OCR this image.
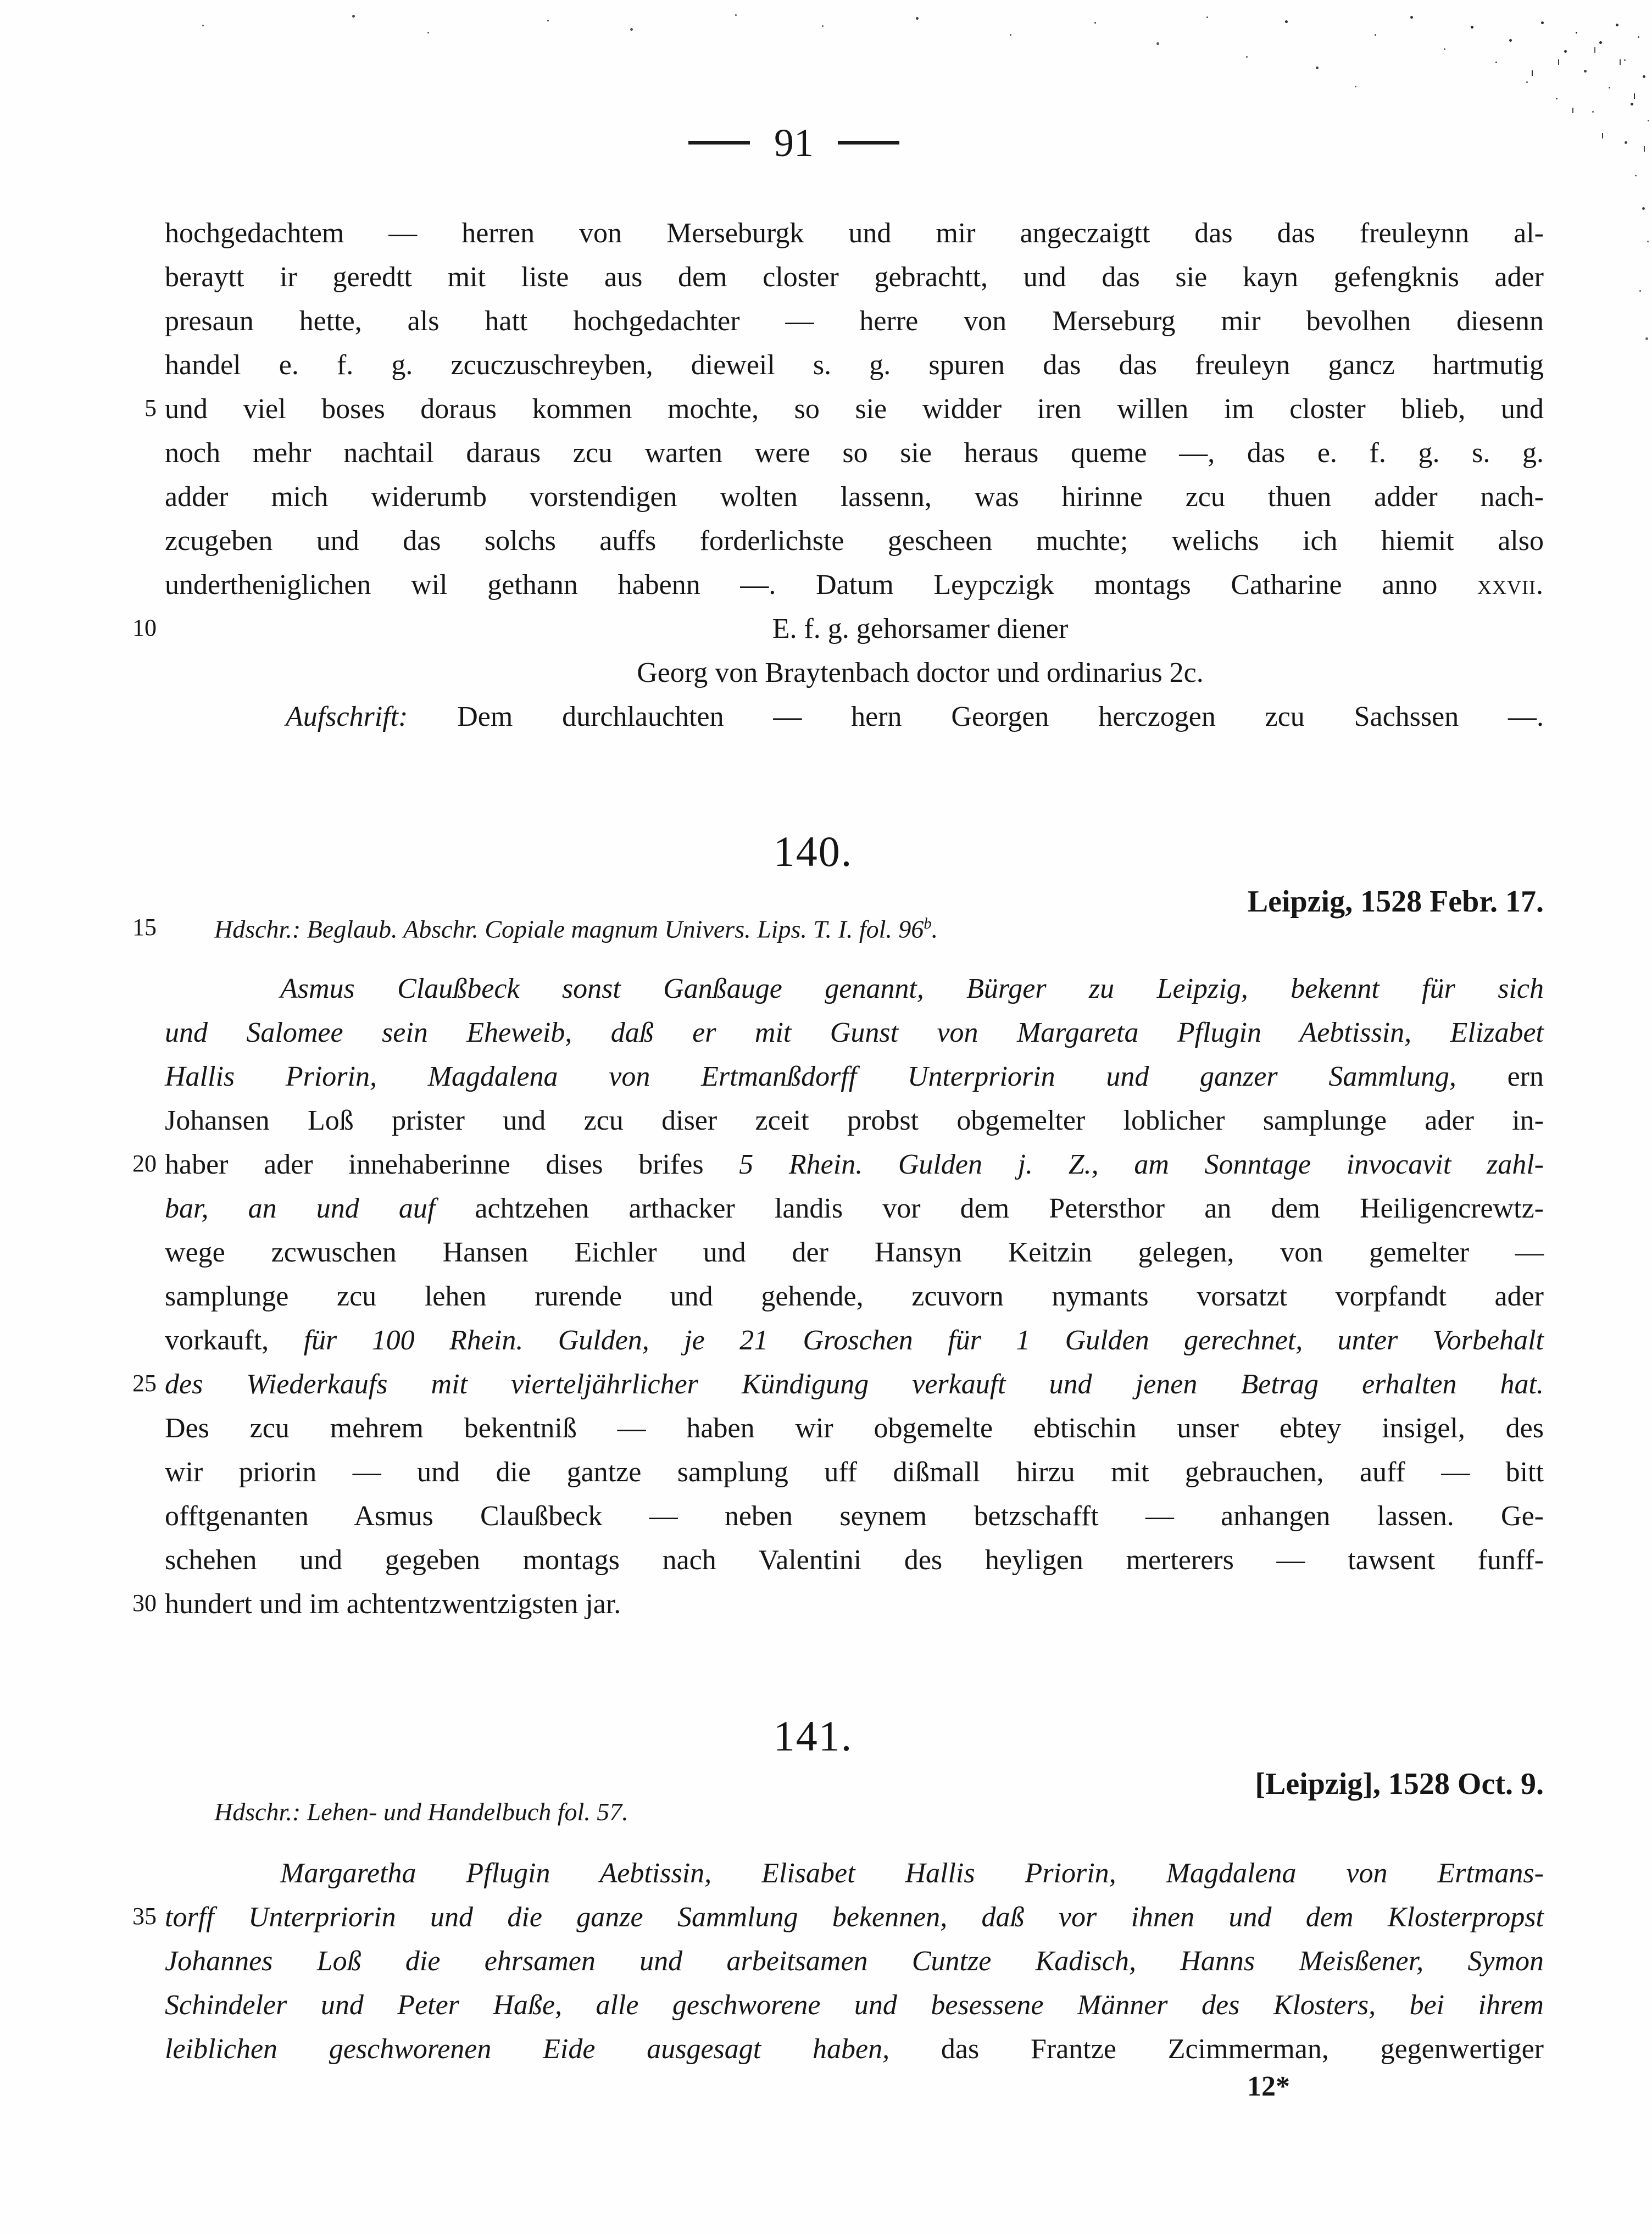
91
5
10
15
20
25
30
35
hochgedachtem — herren von Merseburgk und mir angeczaigtt das das freuleynn al-
beraytt ir geredtt mit liste aus dem closter gebrachtt, und das sie kayn gefengknis ader
presaun hette, als hatt hochgedachter — herre von Merseburg mir bevolhen diesenn
handel e. f. g. zcuczuschreyben, dieweil s. g. spuren das das freuleyn gancz hartmutig
und viel boses doraus kommen mochte, so sie widder iren willen im closter blieb, und
noch mehr nachtail daraus zcu warten were so sie heraus queme —, das e. f. g. s. g.
adder mich widerumb vorstendigen wolten lassenn, was hirinne zcu thuen adder nach-
zcugeben und das solchs auffs forderlichste gescheen muchte; welichs ich hiemit also
undertheniglichen wil gethann habenn —. Datum Leypczigk montags Catharine anno xxvii.
E. f. g. gehorsamer diener
Georg von Braytenbach doctor und ordinarius 2c.
Aufschrift: Dem durchlauchten — hern Georgen herczogen zcu Sachssen —.
140.
Leipzig, 1528 Febr. 17.
Hdschr.: Beglaub. Abschr. Copiale magnum Univers. Lips. T. I. fol. 96$^b$.
Asmus Claußbeck sonst Ganßauge genannt, Bürger zu Leipzig, bekennt für sich
und Salomee sein Eheweib, daß er mit Gunst von Margareta Pflugin Aebtissin, Elizabet
Hallis Priorin, Magdalena von Ertmanßdorff Unterpriorin und ganzer Sammlung, ern
Johansen Loß prister und zcu diser zceit probst obgemelter loblicher samplunge ader in-
haber ader innehaberinne dises brifes 5 Rhein. Gulden j. Z., am Sonntage invocavit zahl-
bar, an und auf achtzehen arthacker landis vor dem Petersthor an dem Heiligencrewtz-
wege zcwuschen Hansen Eichler und der Hansyn Keitzin gelegen, von gemelter —
samplunge zcu lehen rurende und gehende, zcuvorn nymants vorsatzt vorpfandt ader
vorkauft, für 100 Rhein. Gulden, je 21 Groschen für 1 Gulden gerechnet, unter Vorbehalt
des Wiederkaufs mit vierteljährlicher Kündigung verkauft und jenen Betrag erhalten hat.
Des zcu mehrem bekentniß — haben wir obgemelte ebtischin unser ebtey insigel, des
wir priorin — und die gantze samplung uff dißmall hirzu mit gebrauchen, auff — bitt
offtgenanten Asmus Claußbeck — neben seynem betzschafft — anhangen lassen. Ge-
schehen und gegeben montags nach Valentini des heyligen merterers — tawsent funff-
hundert und im achtentzwentzigsten jar.
141.
[Leipzig], 1528 Oct. 9.
Hdschr.: Lehen- und Handelbuch fol. 57.
Margaretha Pflugin Aebtissin, Elisabet Hallis Priorin, Magdalena von Ertmans-
torff Unterpriorin und die ganze Sammlung bekennen, daß vor ihnen und dem Klosterpropst
Johannes Loß die ehrsamen und arbeitsamen Cuntze Kadisch, Hanns Meisßener, Symon
Schindeler und Peter Haße, alle geschworene und besessene Männer des Klosters, bei ihrem
leiblichen geschworenen Eide ausgesagt haben, das Frantze Zcimmerman, gegenwertiger
12*
